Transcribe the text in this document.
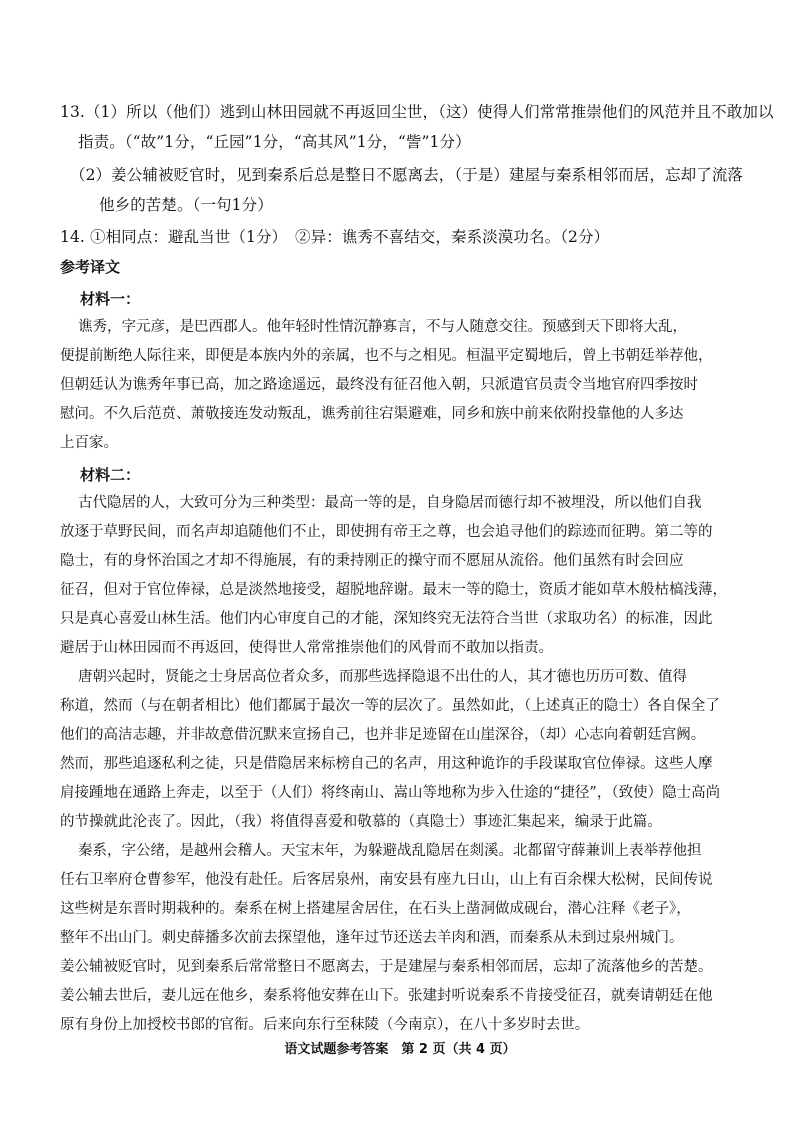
13.（1）所以（他们）逃到山林田园就不再返回尘世，（这）使得人们常常推崇他们的风范并且不敢加以
指责。（“故”1分，“丘园”1分，“高其风”1分，“訾”1分）
（2）姜公辅被贬官时，见到秦系后总是整日不愿离去，（于是）建屋与秦系相邻而居，忘却了流落
他乡的苦楚。（一句1分）
14. ①相同点：避乱当世（1分）　②异：谯秀不喜结交，秦系淡漠功名。（2分）
参考译文
材料一：
谯秀，字元彦，是巴西郡人。他年轻时性情沉静寡言，不与人随意交往。预感到天下即将大乱，
便提前断绝人际往来，即便是本族内外的亲属，也不与之相见。桓温平定蜀地后，曾上书朝廷举荐他，
但朝廷认为谯秀年事已高，加之路途遥远，最终没有征召他入朝，只派遣官员责令当地官府四季按时
慰问。不久后范贲、萧敬接连发动叛乱，谯秀前往宕渠避难，同乡和族中前来依附投靠他的人多达
上百家。
材料二：
古代隐居的人，大致可分为三种类型：最高一等的是，自身隐居而德行却不被埋没，所以他们自我
放逐于草野民间，而名声却追随他们不止，即使拥有帝王之尊，也会追寻他们的踪迹而征聘。第二等的
隐士，有的身怀治国之才却不得施展，有的秉持刚正的操守而不愿屈从流俗。他们虽然有时会回应
征召，但对于官位俸禄，总是淡然地接受，超脱地辞谢。最末一等的隐士，资质才能如草木般枯槁浅薄，
只是真心喜爱山林生活。他们内心审度自己的才能，深知终究无法符合当世（求取功名）的标准，因此
避居于山林田园而不再返回，使得世人常常推崇他们的风骨而不敢加以指责。
唐朝兴起时，贤能之士身居高位者众多，而那些选择隐退不出仕的人，其才德也历历可数、值得
称道，然而（与在朝者相比）他们都属于最次一等的层次了。虽然如此，（上述真正的隐士）各自保全了
他们的高洁志趣，并非故意借沉默来宣扬自己，也并非足迹留在山崖深谷，（却）心志向着朝廷宫阙。
然而，那些追逐私利之徒，只是借隐居来标榜自己的名声，用这种诡诈的手段谋取官位俸禄。这些人摩
肩接踵地在通路上奔走，以至于（人们）将终南山、嵩山等地称为步入仕途的“捷径”，（致使）隐士高尚
的节操就此沦丧了。因此，（我）将值得喜爱和敬慕的（真隐士）事迹汇集起来，编录于此篇。
秦系，字公绪，是越州会稽人。天宝末年，为躲避战乱隐居在剡溪。北都留守薛兼训上表举荐他担
任右卫率府仓曹参军，他没有赴任。后客居泉州，南安县有座九日山，山上有百余棵大松树，民间传说
这些树是东晋时期栽种的。秦系在树上搭建屋舍居住，在石头上凿洞做成砚台，潜心注释《老子》，
整年不出山门。刺史薛播多次前去探望他，逢年过节还送去羊肉和酒，而秦系从未到过泉州城门。
姜公辅被贬官时，见到秦系后常常整日不愿离去，于是建屋与秦系相邻而居，忘却了流落他乡的苦楚。
姜公辅去世后，妻儿远在他乡，秦系将他安葬在山下。张建封听说秦系不肯接受征召，就奏请朝廷在他
原有身份上加授校书郎的官衔。后来向东行至秣陵（今南京），在八十多岁时去世。
语文试题参考答案　第 2 页（共 4 页）
